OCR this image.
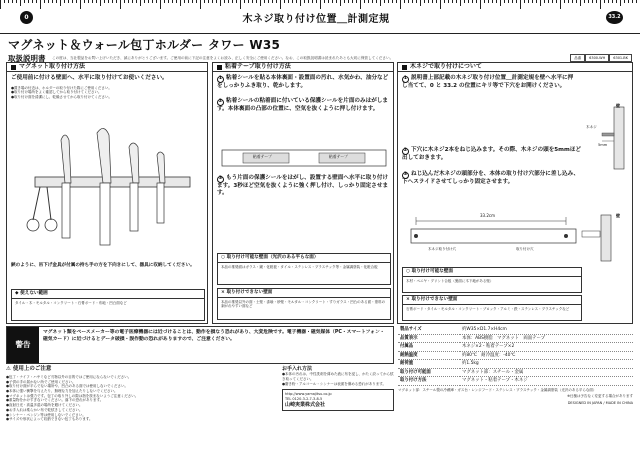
0	33.2
木ネジ取り付け位置＿計測定規
マグネット＆ウォール包丁ホルダー タワー W35
取扱説明書 この度は、当社製品をお買い上げいただき、誠にありがとうございます。ご使用の前に下記の注意をよくお読み、正しく安全にご使用ください。なお、この取扱説明書は読まれたあとも大切に保管してください。	品番	6300-WH	6301-BK
マグネット取り付け方法
ご使用前に付ける壁面へ、水平に取り付けてお使いください。
●置き場の付近は、ホルダーの取り付けた際にご使用ください。
●取り付け場所をよく確認してから取り付けてください。
●取り付け面を清潔にし、乾燥させてから取り付けてください。
鋏のように、吊下げ金具が付属の持ち手の方を下向きにして、器具に収納してください。
◆ 使えない範囲
タイル・木・モルタル・コンクリート・石膏ボード・布地・凹凸面など
粘着テープ取り付け方法
1 粘着シールを貼る本体裏面・設置面の汚れ、水気かわ、油分などをしっかりふき取り、乾かします。
2 粘着シールの粘着面に付いている保護シールを片面のみはがします。本体裏面の凸部の位置に、空気を抜くように押し付けます。
粘着テープ	粘着テープ
3 もう片面の保護シールをはがし、設置する壁面へ水平に取り付けます。3秒ほど空気を抜くように強く押し付け、しっかり固定させます。
○ 取り付け可能な壁面（光沢のある平らな面）
本品の推奨面はガラス・鏡・化粧板・タイル・ステンレス・プラスチック等・金属調塗装・化粧合板
× 取り付けできない壁面
本品の推奨以外の面・土壁・漆喰・砂壁・モルタル・コンクリート・すりガラス・凹凸のある面・塗料の剥がれやすい面など
木ネジで取り付けについて
1 説明書上部記載の木ネジ取り付け位置＿計測定規を壁へ水平に押し当てて、0 と 33.2 の位置にキリ等で下穴をお開けください。
壁
木ネジ
5mm
2 下穴に木ネジ2本をねじ込みます。その際、木ネジの頭を5mmほど出しておきます。
3 ねじ込んだ木ネジの頭部分を、本体の取り付け穴部分に差し込み、下へスライドさせてしっかり固定させます。
33.2cm
木ネジ取り付け穴	取り付け穴
壁
○ 取り付け可能な壁面
木材・ベニヤ・プリント合板（裏面に木下地がある壁）
× 取り付けできない壁面
石膏ボード・タイル・モルタル・コンクリート・ブロック・アルミ・鉄・ステンレス・プラスチックなど
警告
マグネット類をペースメーカー等の電子医療機器には近づけることは、動作を損なう恐れがあり、大変危険です。電子機器・磁気媒体（PC・スマートフォン・磁気カード）に近づけるとデータ破損・誤作動の恐れがありますので、ご注意ください。
⚠ 使用上のご注意
●包丁・ナイフ・ハサミなど刃物以外の目的ではご使用にならないでください。
●子供の手の届かない所でご使用ください。
●取り付け面が平らでない場所や、凹凸のある面では使用しないでください。
●本体に強い衝撃を与えたり、無理な力を加えたりしないでください。
●マグネットは強力です。包丁の取り外しの際は指を挟まないようご注意ください。
●重量物をかけすぎないでください。落下の恐れがあります。
●直射日光・高温多湿の場所を避けてください。
●お手入れは柔らかい布で乾拭きしてください。
●シンナー・ベンジン等は使用しないでください。
●サイズや形状によって収納できない包丁もあります。
お手入れ方法
●本体の汚れは、中性洗剤を薄めた液に布を浸し、かたく絞ってから拭き取ってください。
●磨き粉・アルコール・シンナーは表面を傷める恐れがあります。
http://www.yamajitsu.co.jp
TEL 0120-3-2-7-3-8-5
山崎実業株式会社
製品サイズ	約W35×D1.7×H4cm
品質表示	本体：ABS樹脂　マグネット　両面テープ
付属品	木ネジ×2・粘着テープ×2
耐熱温度	約80℃　耐冷温度：-40℃
耐荷重	約1.5kg
取り付け可能面	マグネット部：スチール・金属
取り付け方法	マグネット・粘着テープ・木ネジ
マグネット部：スチール製の冷蔵庫・ガス台・レンジフード・ステンレス・プラスチック・金属調塗装（光沢のある平らな面）
※仕様は予告なく変更する場合があります
DESIGNED IN JAPAN / MADE IN CHINA
